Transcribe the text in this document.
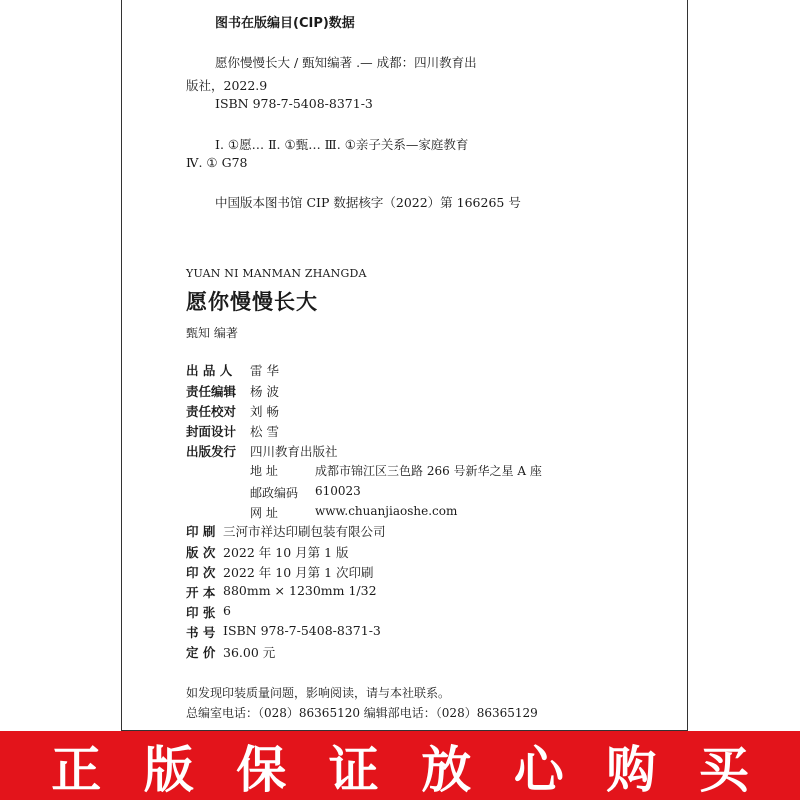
图书在版编目(CIP)数据
愿你慢慢长大 / 甄知编著 .— 成都：四川教育出
版社，2022.9
ISBN 978-7-5408-8371-3
Ⅰ. ①愿… Ⅱ. ①甄… Ⅲ. ①亲子关系—家庭教育
Ⅳ. ① G78
中国版本图书馆 CIP 数据核字（2022）第 166265 号
YUAN NI MANMAN ZHANGDA
愿你慢慢长大
甄知 编著
出 品 人 雷 华
责任编辑 杨 波
责任校对 刘 畅
封面设计 松 雪
出版发行 四川教育出版社
地 址	成都市锦江区三色路 266 号新华之星 A 座
邮政编码 610023
网 址	www.chuanjiaoshe.com
印 刷 三河市祥达印刷包装有限公司
版 次 2022 年 10 月第 1 版
印 次 2022 年 10 月第 1 次印刷
开 本 880mm × 1230mm 1/32
印 张 6
书 号 ISBN 978-7-5408-8371-3
定 价 36.00 元
如发现印装质量问题，影响阅读，请与本社联系。
总编室电话：（028）86365120 编辑部电话：（028）86365129
正 版 保 证 放 心 购 买
